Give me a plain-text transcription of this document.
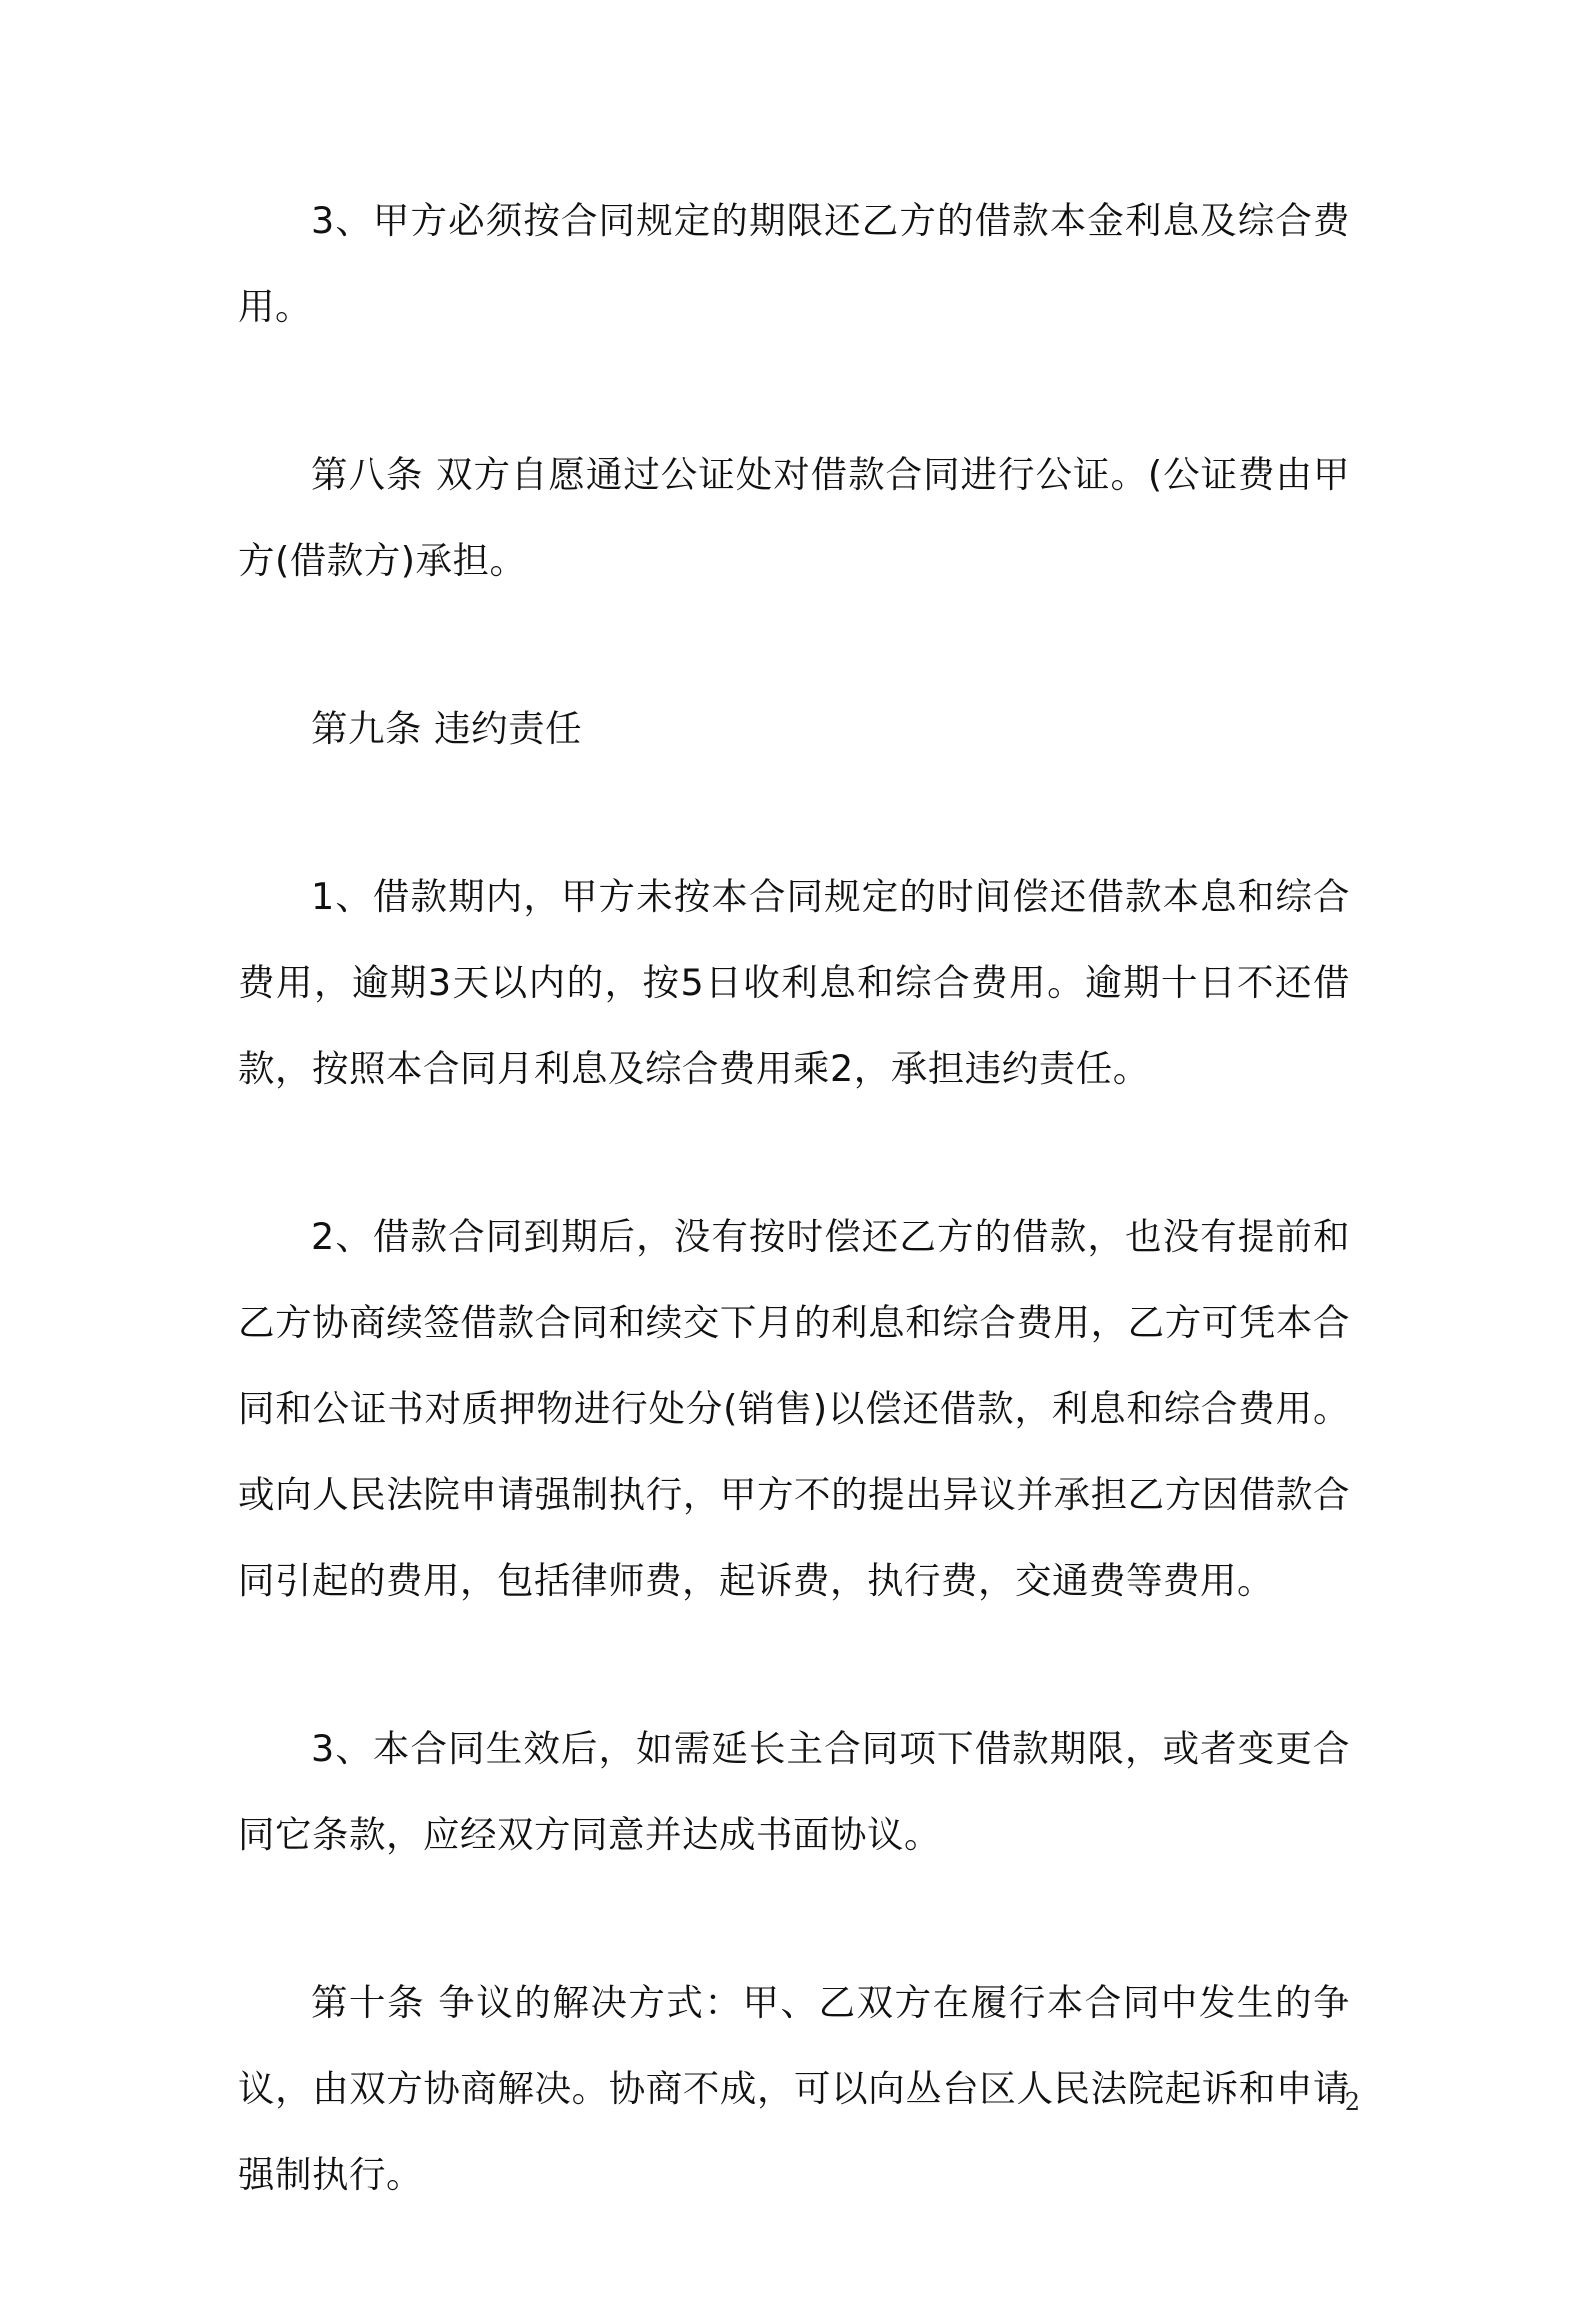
3、甲方必须按合同规定的期限还乙方的借款本金利息及综合费用。

第八条 双方自愿通过公证处对借款合同进行公证。(公证费由甲方(借款方)承担。

第九条 违约责任

1、借款期内，甲方未按本合同规定的时间偿还借款本息和综合费用，逾期3天以内的，按5日收利息和综合费用。逾期十日不还借款，按照本合同月利息及综合费用乘2，承担违约责任。

2、借款合同到期后，没有按时偿还乙方的借款，也没有提前和乙方协商续签借款合同和续交下月的利息和综合费用，乙方可凭本合同和公证书对质押物进行处分(销售)以偿还借款，利息和综合费用。或向人民法院申请强制执行，甲方不的提出异议并承担乙方因借款合同引起的费用，包括律师费，起诉费，执行费，交通费等费用。

3、本合同生效后，如需延长主合同项下借款期限，或者变更合同它条款，应经双方同意并达成书面协议。

第十条 争议的解决方式：甲、乙双方在履行本合同中发生的争议，由双方协商解决。协商不成，可以向丛台区人民法院起诉和申请强制执行。

2
